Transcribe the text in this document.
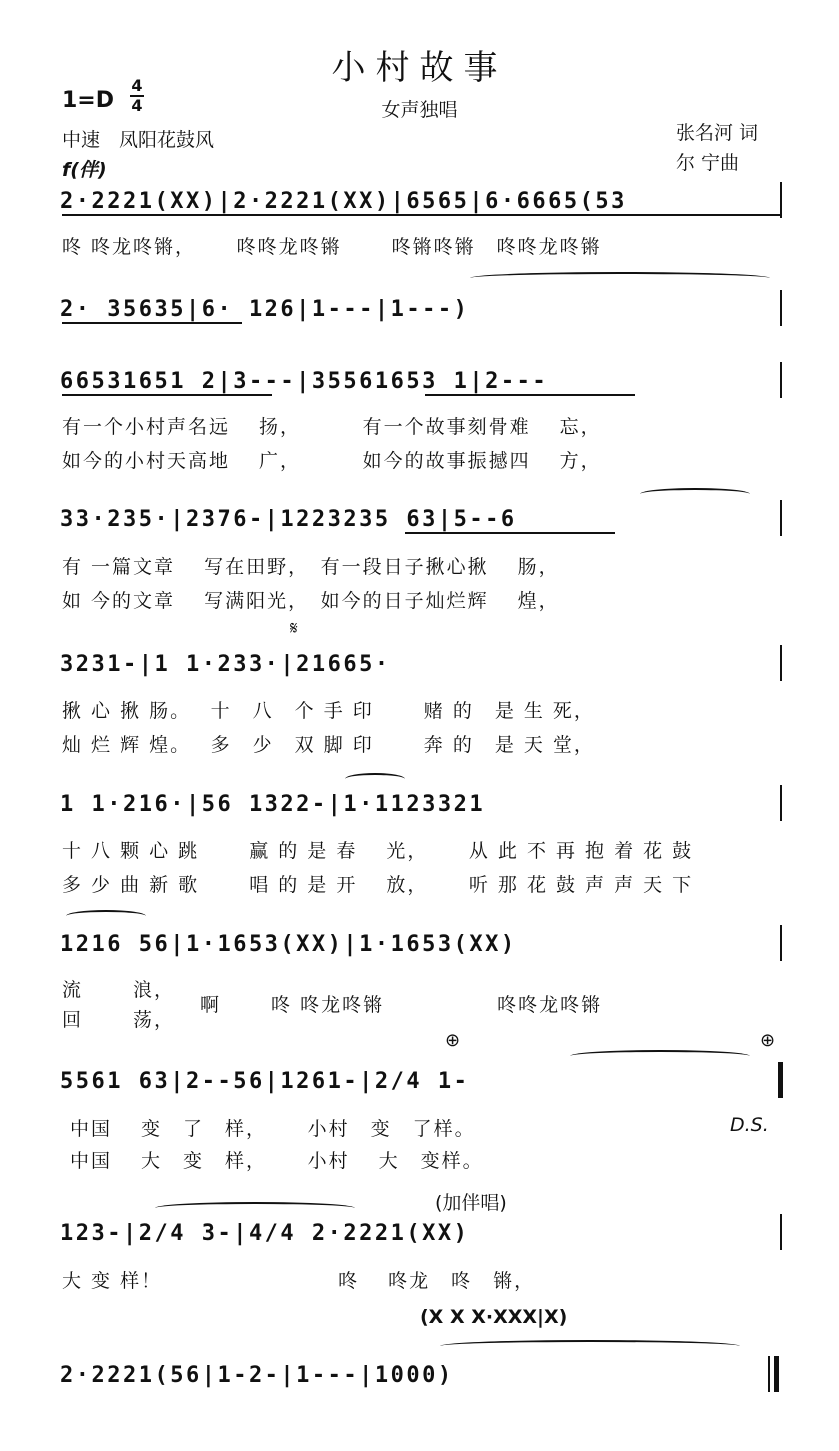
小村故事
女声独唱
1=D
4
4
中速　凤阳花鼓风
f(伴)
张名河 词
尔 宁曲
2·2221(XX)|2·2221(XX)|6565|6·6665(53
咚 咚龙咚锵，　　 咚咚龙咚锵　　 咚锵咚锵　咚咚龙咚锵
2· 35635|6· 126|1---|1---)
66531651 2|3---|35561653 1|2---
有一个小村声名远　 扬，　　　 有一个故事刻骨难　 忘，
如今的小村天高地　 广，　　　 如今的故事振撼四　 方，
33·235·|2376-|1223235 63|5--6
有 一篇文章　 写在田野，　有一段日子揪心揪　 肠，
如 今的文章　 写满阳光，　如今的日子灿烂辉　 煌，
3231-|1 1·233·|21665·
揪 心 揪 肠。　 十　八　个 手 印　　 赌 的　是 生 死，
灿 烂 辉 煌。　 多　少　双 脚 印　　 奔 的　是 天 堂，
𝄋
1 1·216·|56 1322-|1·1123321
十 八 颗 心 跳　　 赢 的 是 春　 光，　　 从 此 不 再 抱 着 花 鼓
多 少 曲 新 歌　　 唱 的 是 开　 放，　　 听 那 花 鼓 声 声 天 下
1216 56|1·1653(XX)|1·1653(XX)
流　　 浪，
回　　 荡，
啊　　 咚 咚龙咚锵　　　　　 咚咚龙咚锵
⊕	⊕
5561 63|2--56|1261-|2/4 1-
中国　 变　了　样，　　 小村　变　了样。
中国　 大　变　样，　　 小村　 大　变样。
D.S.
(加伴唱)
123-|2/4 3-|4/4 2·2221(XX)
大 变 样！　　　　　　　　 咚　 咚龙　咚　锵，
(X X X·XXX|X)
2·2221(56|1-2-|1---|1000)
